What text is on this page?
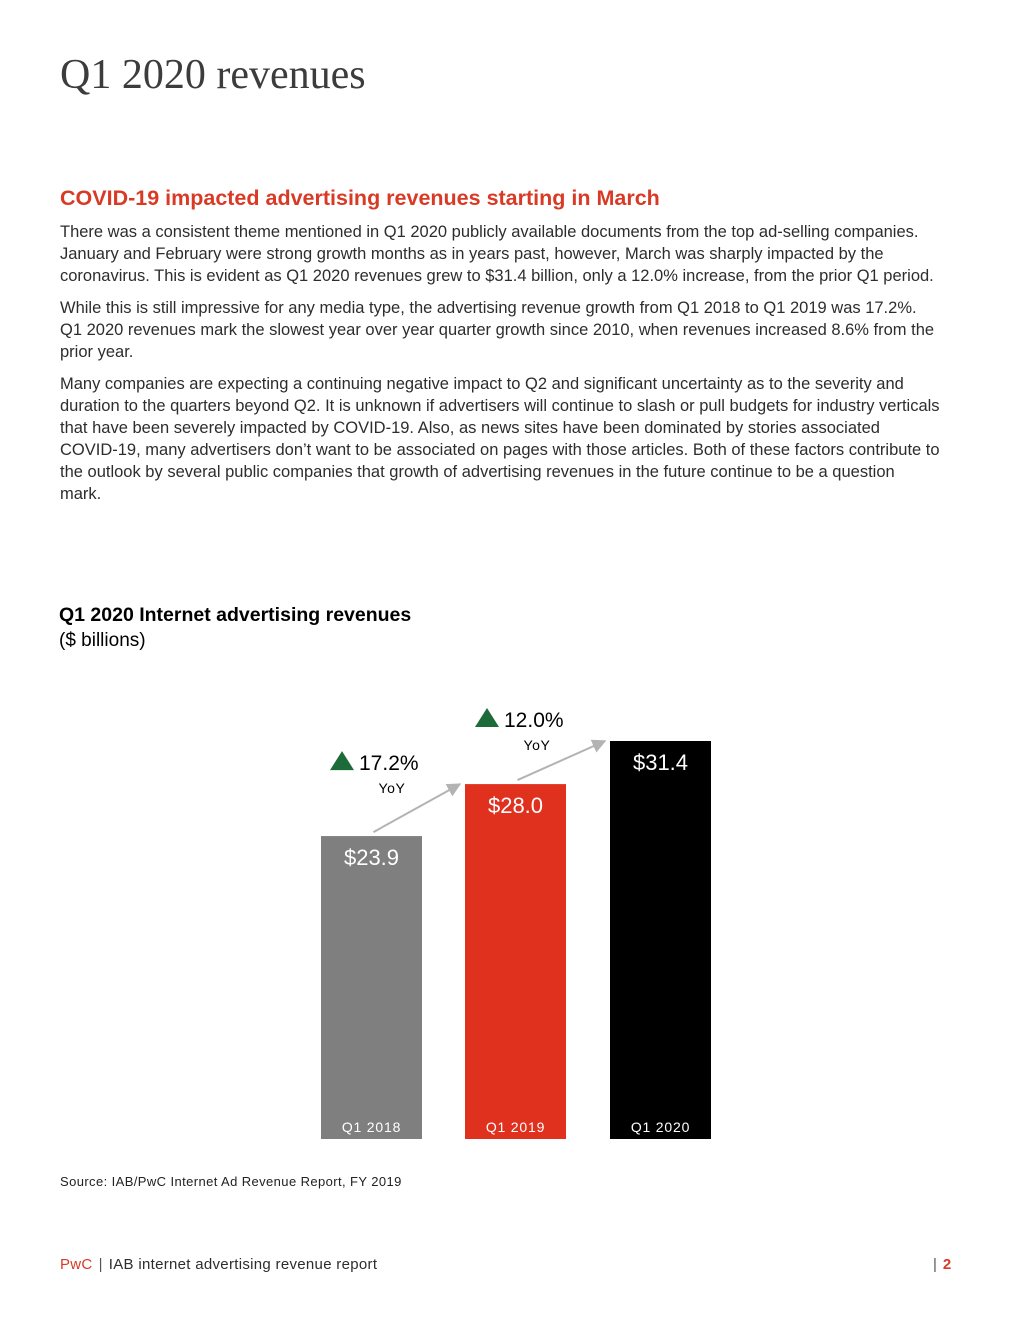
Q1 2020 revenues
COVID-19 impacted advertising revenues starting in March

There was a consistent theme mentioned in Q1 2020 publicly available documents from the top ad-selling companies. January and February were strong growth months as in years past, however, March was sharply impacted by the coronavirus. This is evident as Q1 2020 revenues grew to $31.4 billion, only a 12.0% increase, from the prior Q1 period.

While this is still impressive for any media type, the advertising revenue growth from Q1 2018 to Q1 2019 was 17.2%. Q1 2020 revenues mark the slowest year over year quarter growth since 2010, when revenues increased 8.6% from the prior year.

Many companies are expecting a continuing negative impact to Q2 and significant uncertainty as to the severity and duration to the quarters beyond Q2. It is unknown if advertisers will continue to slash or pull budgets for industry verticals that have been severely impacted by COVID-19. Also, as news sites have been dominated by stories associated COVID-19, many advertisers don’t want to be associated on pages with those articles. Both of these factors contribute to the outlook by several public companies that growth of advertising revenues in the future continue to be a question mark.

Q1 2020 Internet advertising revenues
($ billions)
$23.9
Q1 2018
$28.0
Q1 2019
$31.4
Q1 2020
17.2%
YoY
12.0%
YoY
Source: IAB/PwC Internet Ad Revenue Report, FY 2019
PwC | IAB internet advertising revenue report	| 2
